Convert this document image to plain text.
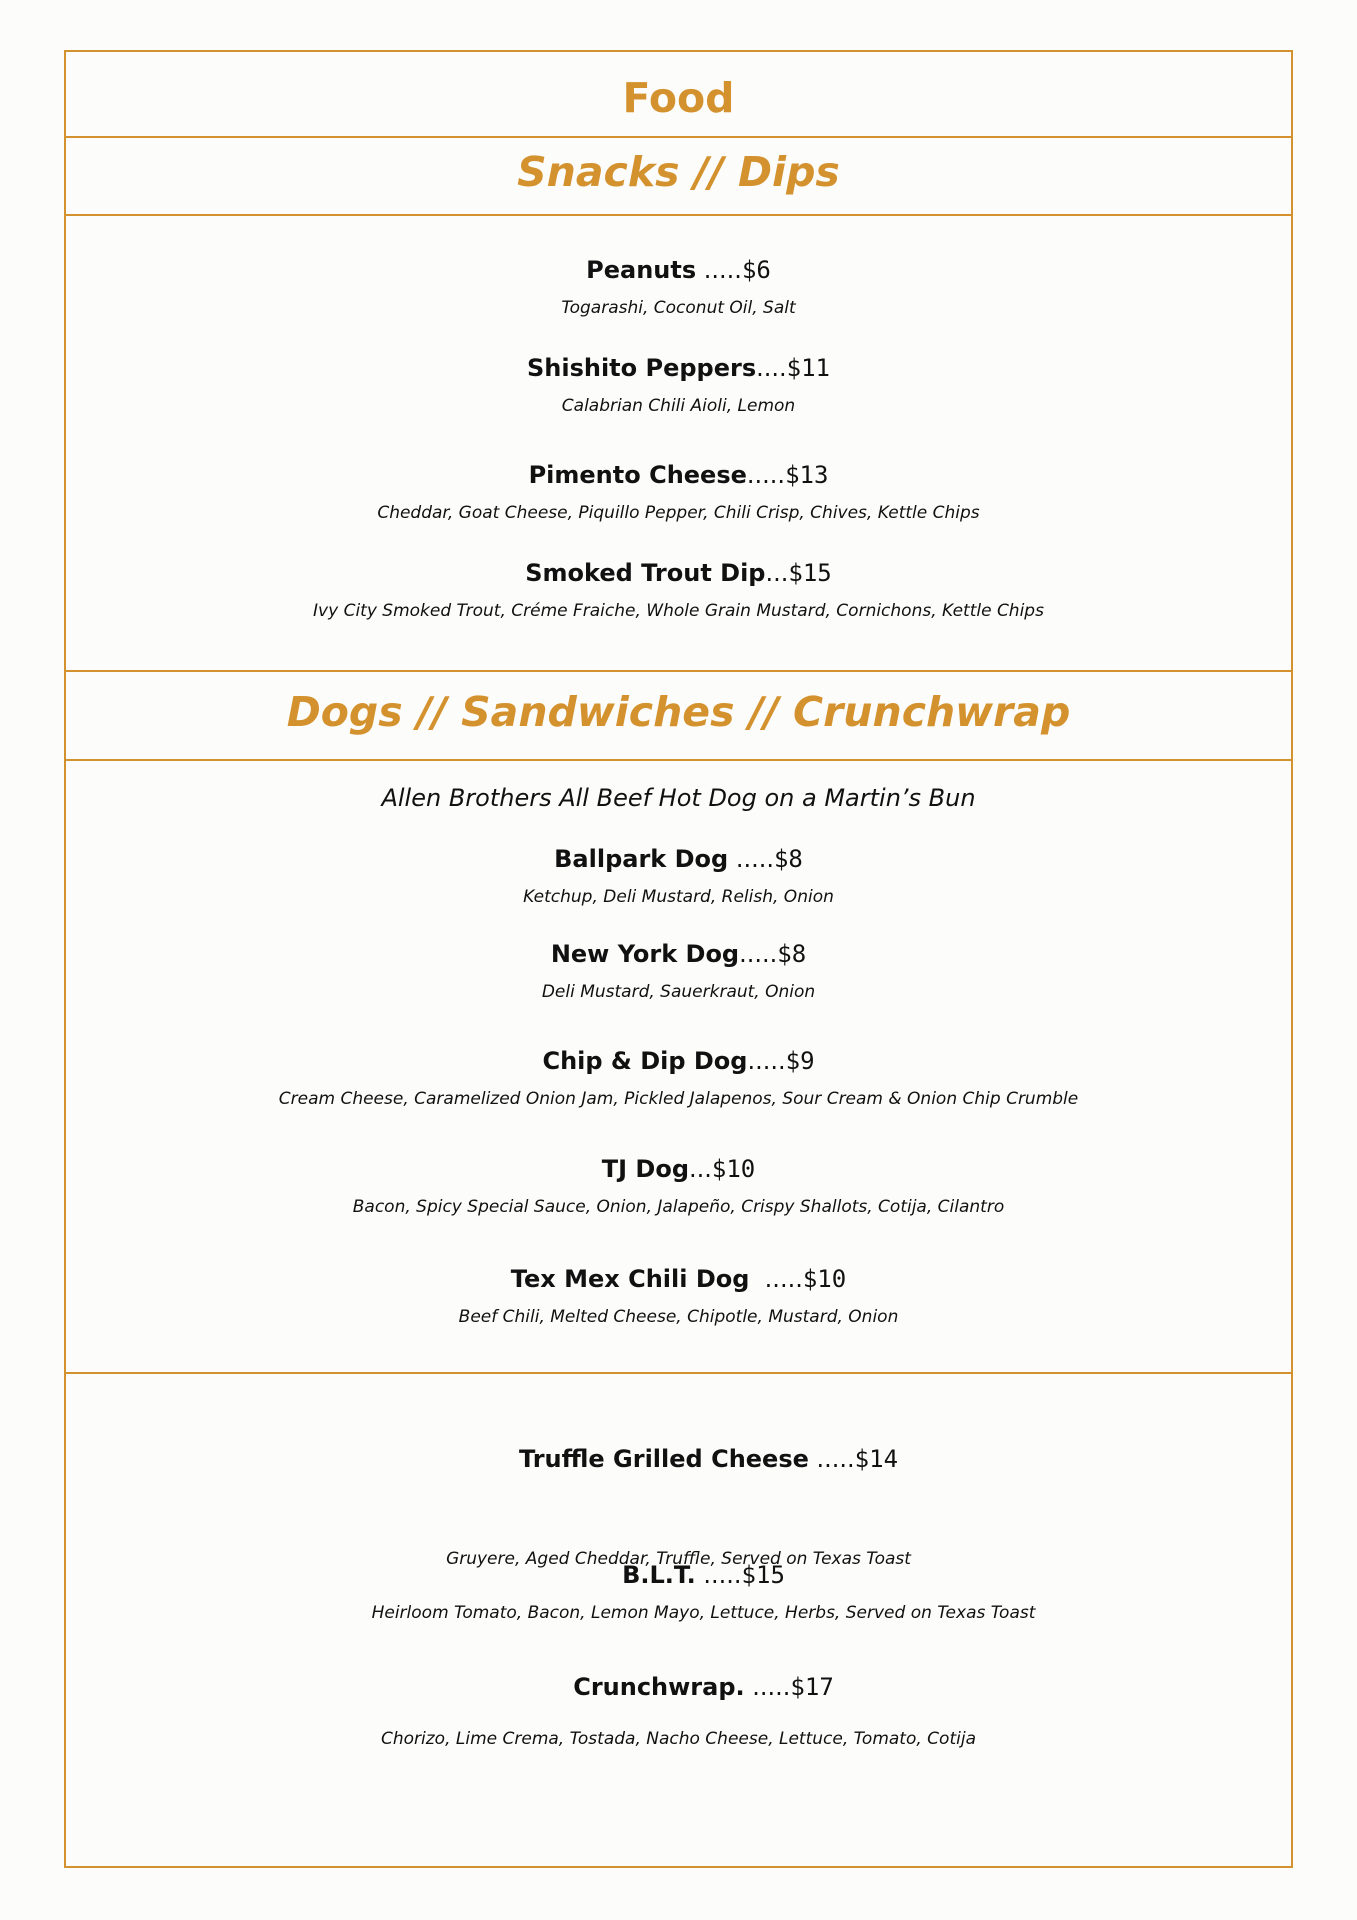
Food
Snacks // Dips
Peanuts .....$6
Togarashi, Coconut Oil, Salt
Shishito Peppers....$11
Calabrian Chili Aioli, Lemon
Pimento Cheese.....$13
Cheddar, Goat Cheese, Piquillo Pepper, Chili Crisp, Chives, Kettle Chips
Smoked Trout Dip...$15
Ivy City Smoked Trout, Créme Fraiche, Whole Grain Mustard, Cornichons, Kettle Chips
Dogs // Sandwiches // Crunchwrap
Allen Brothers All Beef Hot Dog on a Martin’s Bun
Ballpark Dog .....$8
Ketchup, Deli Mustard, Relish, Onion
New York Dog.....$8
Deli Mustard, Sauerkraut, Onion
Chip & Dip Dog.....$9
Cream Cheese, Caramelized Onion Jam, Pickled Jalapenos, Sour Cream & Onion Chip Crumble
TJ Dog...$10
Bacon, Spicy Special Sauce, Onion, Jalapeño, Crispy Shallots, Cotija, Cilantro
Tex Mex Chili Dog  .....$10
Beef Chili, Melted Cheese, Chipotle, Mustard, Onion
Truffle Grilled Cheese .....$14
Gruyere, Aged Cheddar, Truffle, Served on Texas Toast
B.L.T. .....$15
Heirloom Tomato, Bacon, Lemon Mayo, Lettuce, Herbs, Served on Texas Toast
Crunchwrap. .....$17
Chorizo, Lime Crema, Tostada, Nacho Cheese, Lettuce, Tomato, Cotija
